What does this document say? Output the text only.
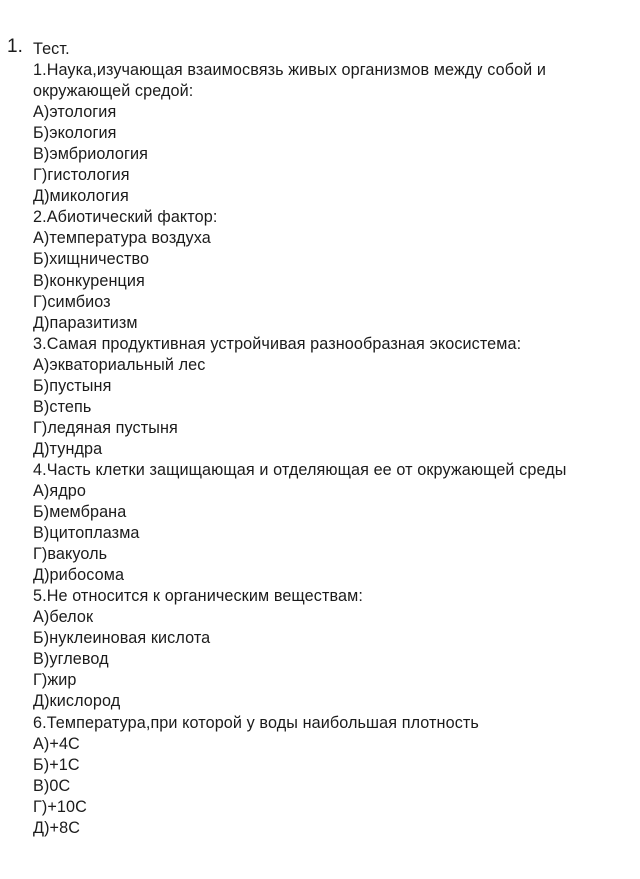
1. Тест.
1.Наука,изучающая взаимосвязь живых организмов между собой и
окружающей средой:
А)этология
Б)экология
В)эмбриология
Г)гистология
Д)микология
2.Абиотический фактор:
А)температура воздуха
Б)хищничество
В)конкуренция
Г)симбиоз
Д)паразитизм
3.Самая продуктивная устройчивая разнообразная экосистема:
А)экваториальный лес
Б)пустыня
В)степь
Г)ледяная пустыня
Д)тундра
4.Часть клетки защищающая и отделяющая ее от окружающей среды
А)ядро
Б)мембрана
В)цитоплазма
Г)вакуоль
Д)рибосома
5.Не относится к органическим веществам:
А)белок
Б)нуклеиновая кислота
В)углевод
Г)жир
Д)кислород
6.Температура,при которой у воды наибольшая плотность
А)+4С
Б)+1С
В)0С
Г)+10С
Д)+8С
